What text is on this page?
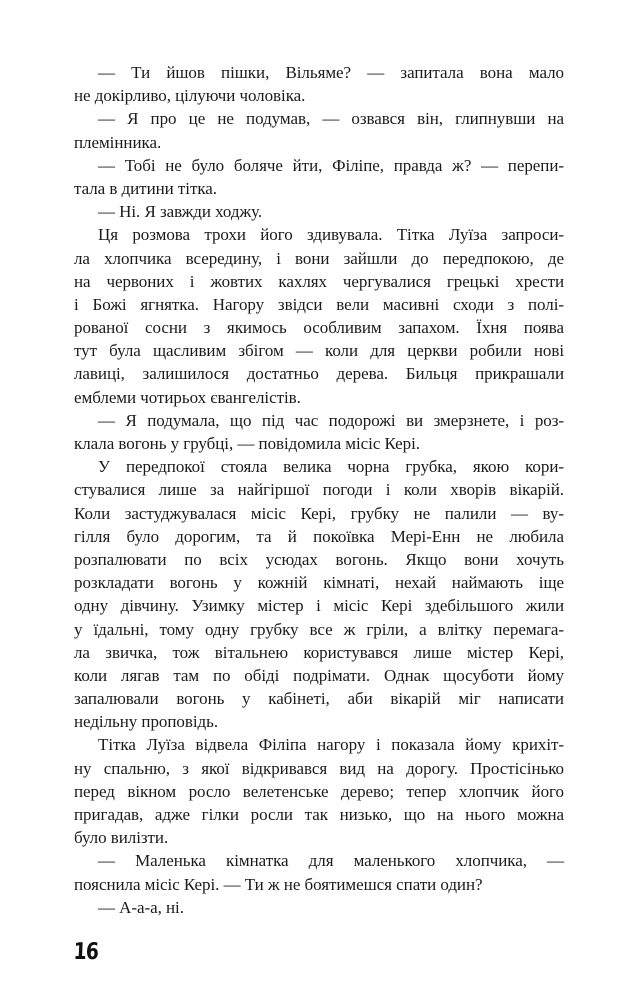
— Ти йшов пішки, Вільяме? — запитала вона мало
не докірливо, цілуючи чоловіка.
— Я про це не подумав, — озвався він, глипнувши на
племінника.
— Тобі не було боляче йти, Філіпе, правда ж? — перепи-
тала в дитини тітка.
— Ні. Я завжди ходжу.
Ця розмова трохи його здивувала. Тітка Луїза запроси-
ла хлопчика всередину, і вони зайшли до передпокою, де
на червоних і жовтих кахлях чергувалися грецькі хрести
і Божі ягнятка. Нагору звідси вели масивні сходи з полі-
рованої сосни з якимось особливим запахом. Їхня поява
тут була щасливим збігом — коли для церкви робили нові
лавиці, залишилося достатньо дерева. Бильця прикрашали
емблеми чотирьох євангелістів.
— Я подумала, що під час подорожі ви змерзнете, і роз-
клала вогонь у грубці, — повідомила місіс Кері.
У передпокої стояла велика чорна грубка, якою кори-
стувалися лише за найгіршої погоди і коли хворів вікарій.
Коли застуджувалася місіс Кері, грубку не палили — ву-
гілля було дорогим, та й покоївка Мері-Енн не любила
розпалювати по всіх усюдах вогонь. Якщо вони хочуть
розкладати вогонь у кожній кімнаті, нехай наймають іще
одну дівчину. Узимку містер і місіс Кері здебільшого жили
у їдальні, тому одну грубку все ж гріли, а влітку перемага-
ла звичка, тож вітальнею користувався лише містер Кері,
коли лягав там по обіді подрімати. Однак щосуботи йому
запалювали вогонь у кабінеті, аби вікарій міг написати
недільну проповідь.
Тітка Луїза відвела Філіпа нагору і показала йому крихіт-
ну спальню, з якої відкривався вид на дорогу. Простісінько
перед вікном росло велетенське дерево; тепер хлопчик його
пригадав, адже гілки росли так низько, що на нього можна
було вилізти.
— Маленька кімнатка для маленького хлопчика, —
пояснила місіс Кері. — Ти ж не боятимешся спати один?
— А-а-а, ні.
16
